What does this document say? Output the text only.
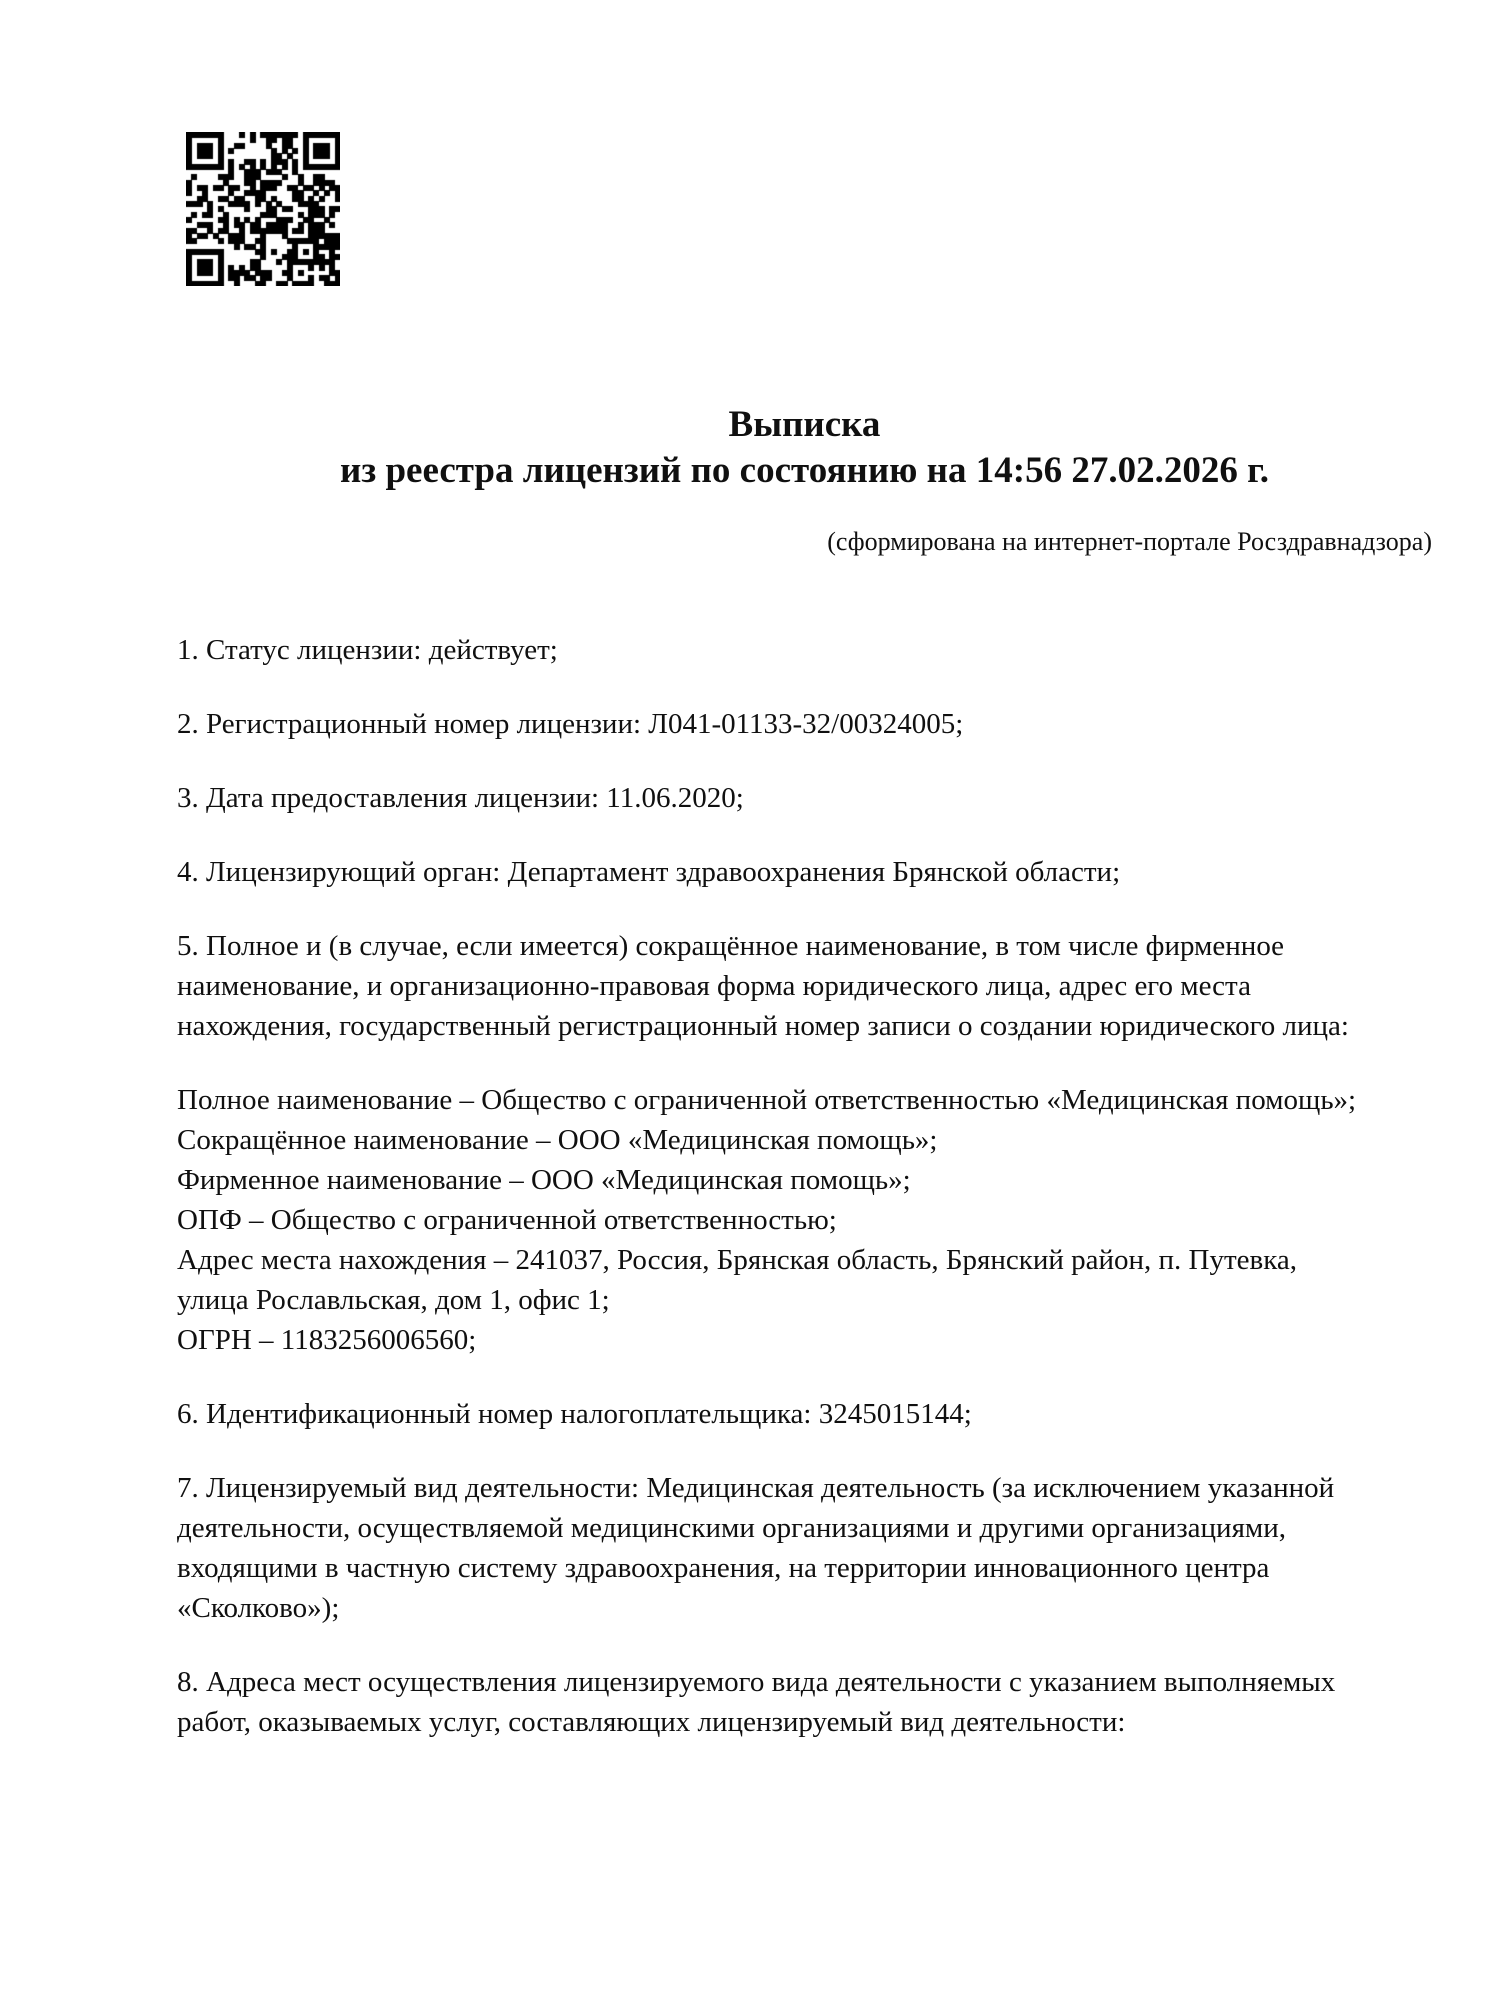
Выписка
из реестра лицензий по состоянию на 14:56 27.02.2026 г.
(сформирована на интернет-портале Росздравнадзора)
1. Статус лицензии: действует;
2. Регистрационный номер лицензии: Л041-01133-32/00324005;
3. Дата предоставления лицензии: 11.06.2020;
4. Лицензирующий орган: Департамент здравоохранения Брянской области;
5. Полное и (в случае, если имеется) сокращённое наименование, в том числе фирменное
наименование, и организационно-правовая форма юридического лица, адрес его места
нахождения, государственный регистрационный номер записи о создании юридического лица:
Полное наименование – Общество с ограниченной ответственностью «Медицинская помощь»;
Сокращённое наименование – ООО «Медицинская помощь»;
Фирменное наименование – ООО «Медицинская помощь»;
ОПФ – Общество с ограниченной ответственностью;
Адрес места нахождения – 241037, Россия, Брянская область, Брянский район, п. Путевка,
улица Рославльская, дом 1, офис 1;
ОГРН – 1183256006560;
6. Идентификационный номер налогоплательщика: 3245015144;
7. Лицензируемый вид деятельности: Медицинская деятельность (за исключением указанной
деятельности, осуществляемой медицинскими организациями и другими организациями,
входящими в частную систему здравоохранения, на территории инновационного центра
«Сколково»);
8. Адреса мест осуществления лицензируемого вида деятельности с указанием выполняемых
работ, оказываемых услуг, составляющих лицензируемый вид деятельности:
